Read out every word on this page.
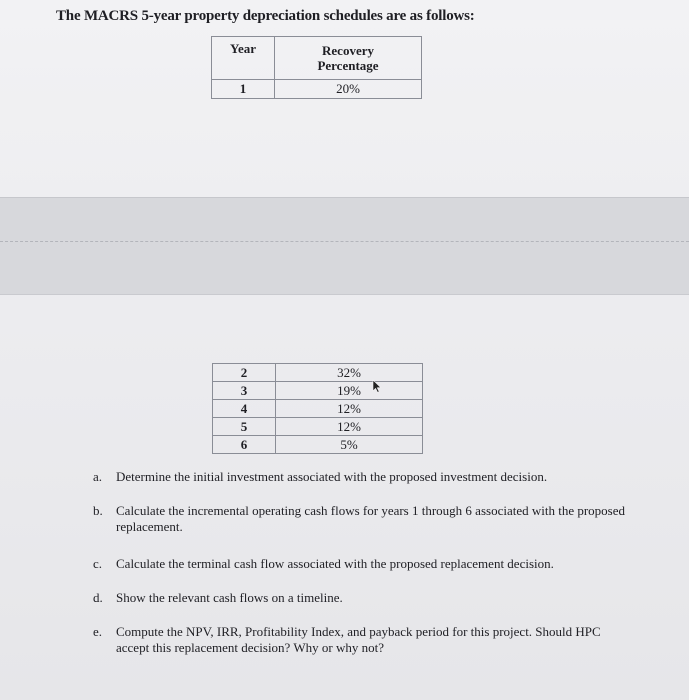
The MACRS 5-year property depreciation schedules are as follows:
Year	Recovery
Percentage

1	20%
2	32%
3	19%
4	12%
5	12%
6	5%
a. Determine the initial investment associated with the proposed investment decision.
b. Calculate the incremental operating cash flows for years 1 through 6 associated with the proposed replacement.
c. Calculate the terminal cash flow associated with the proposed replacement decision.
d. Show the relevant cash flows on a timeline.
e. Compute the NPV, IRR, Profitability Index, and payback period for this project. Should HPC accept this replacement decision? Why or why not?
